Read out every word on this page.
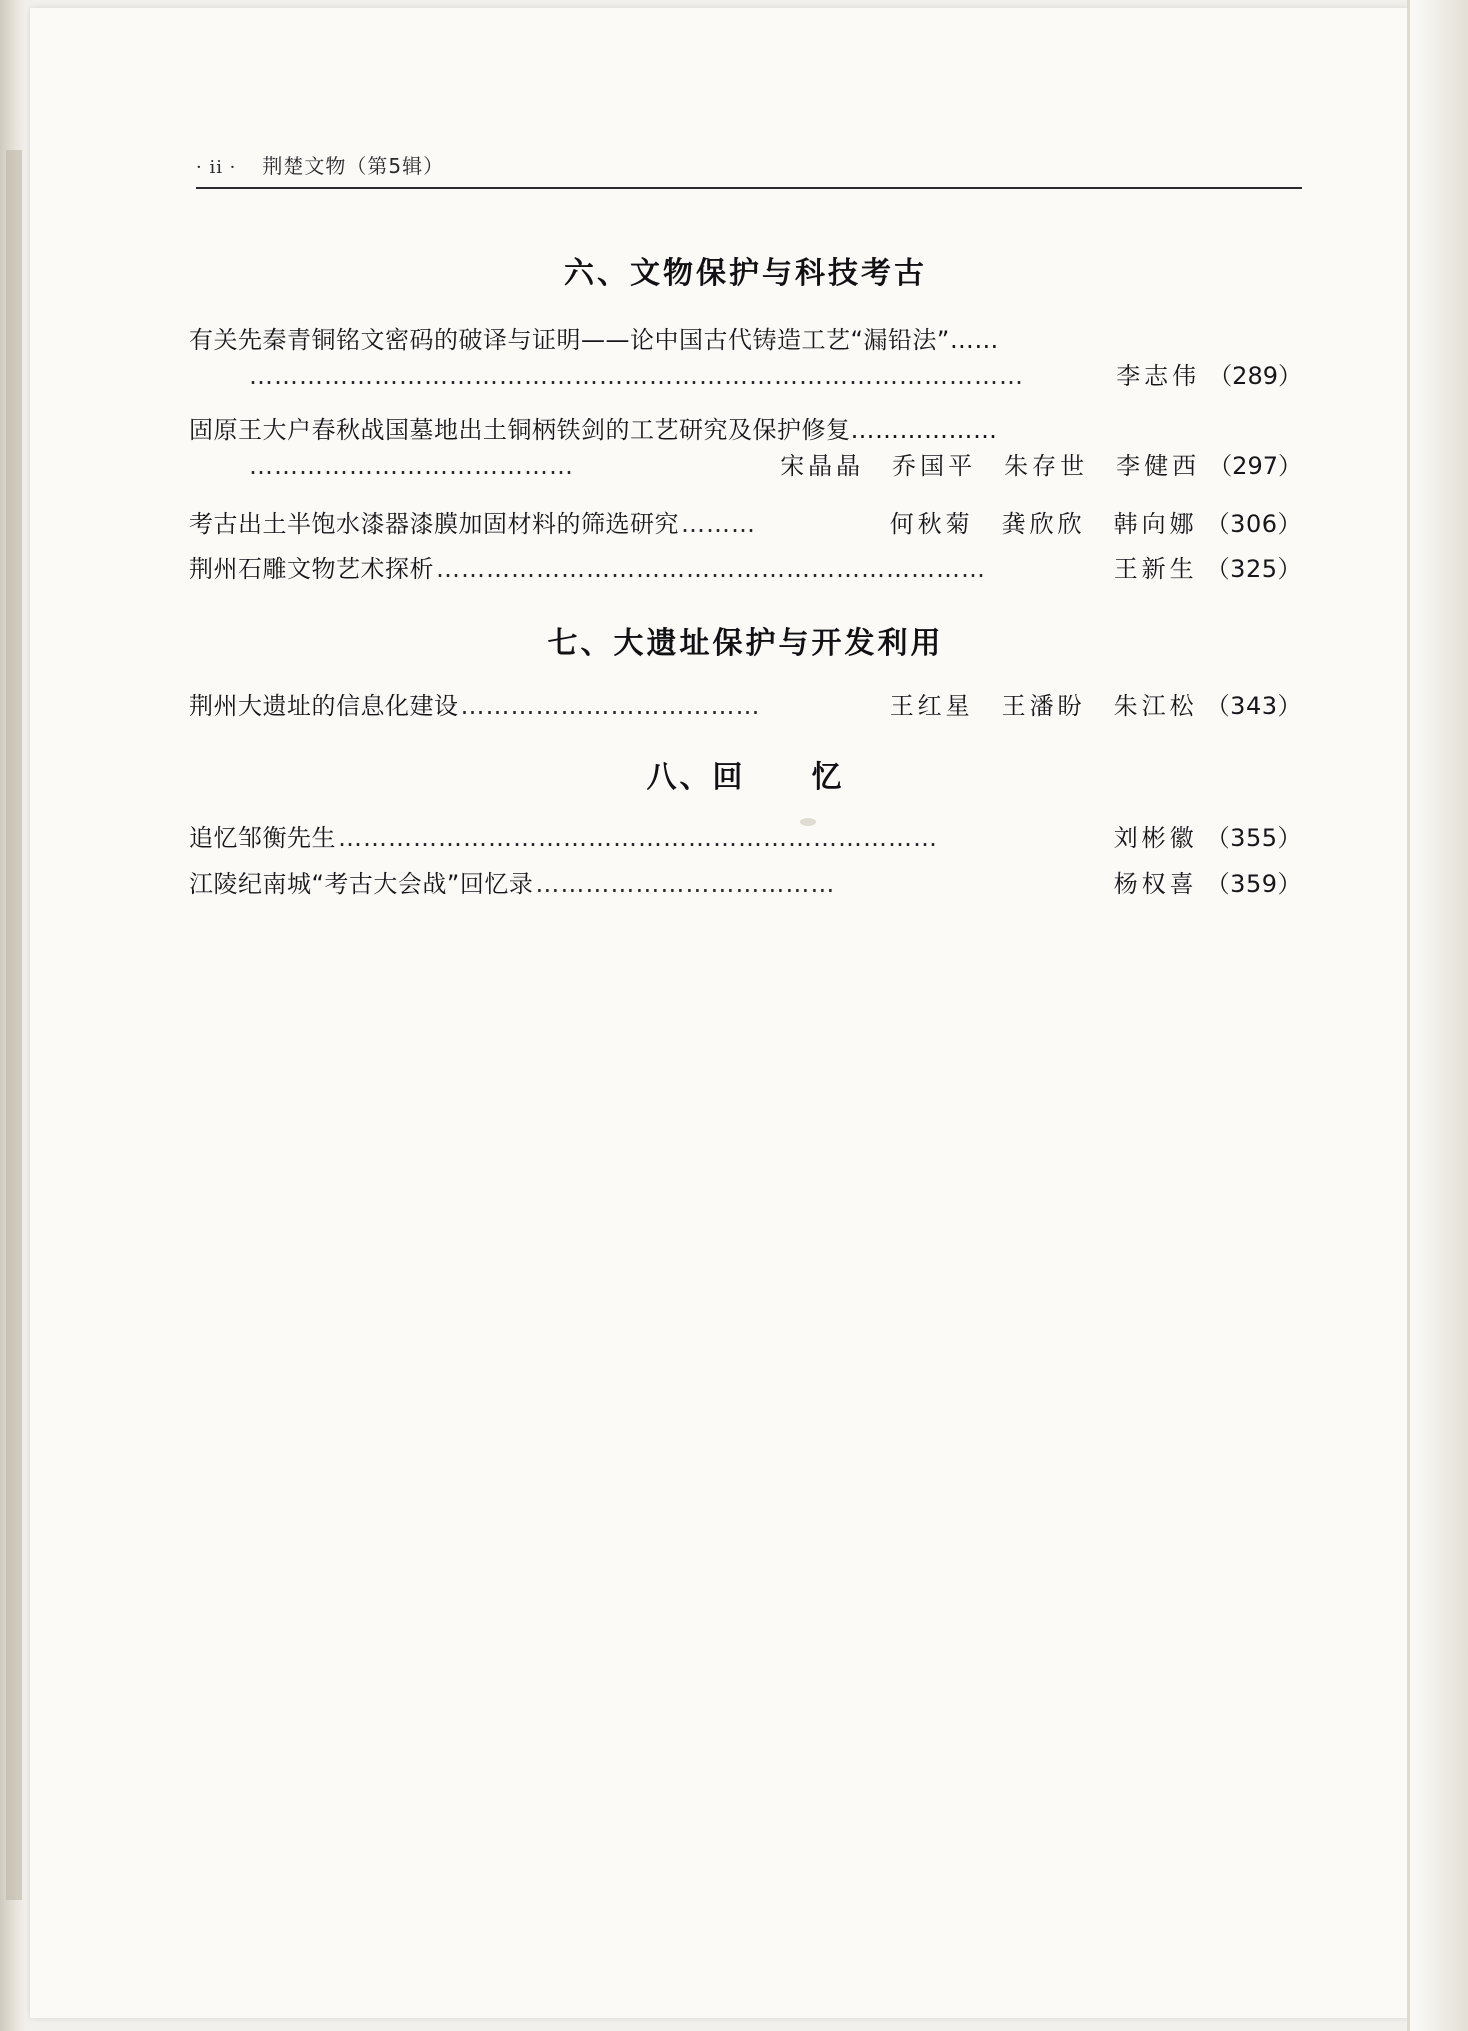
· ii · 荆楚文物（第5辑）
六、文物保护与科技考古
有关先秦青铜铭文密码的破译与证明——论中国古代铸造工艺“漏铅法”……
…………………………………………………………………………………	李志伟 （289）
固原王大户春秋战国墓地出土铜柄铁剑的工艺研究及保护修复………………
…………………………………	宋晶晶　乔国平　朱存世　李健西 （297）
考古出土半饱水漆器漆膜加固材料的筛选研究 ………	何秋菊　龚欣欣　韩向娜 （306）
荆州石雕文物艺术探析 …………………………………………………………	王新生 （325）
七、大遗址保护与开发利用
荆州大遗址的信息化建设 ………………………………	王红星　王潘盼　朱江松 （343）
八、回　　忆
追忆邹衡先生 ………………………………………………………………	刘彬徽 （355）
江陵纪南城“考古大会战”回忆录 ………………………………	杨权喜 （359）
